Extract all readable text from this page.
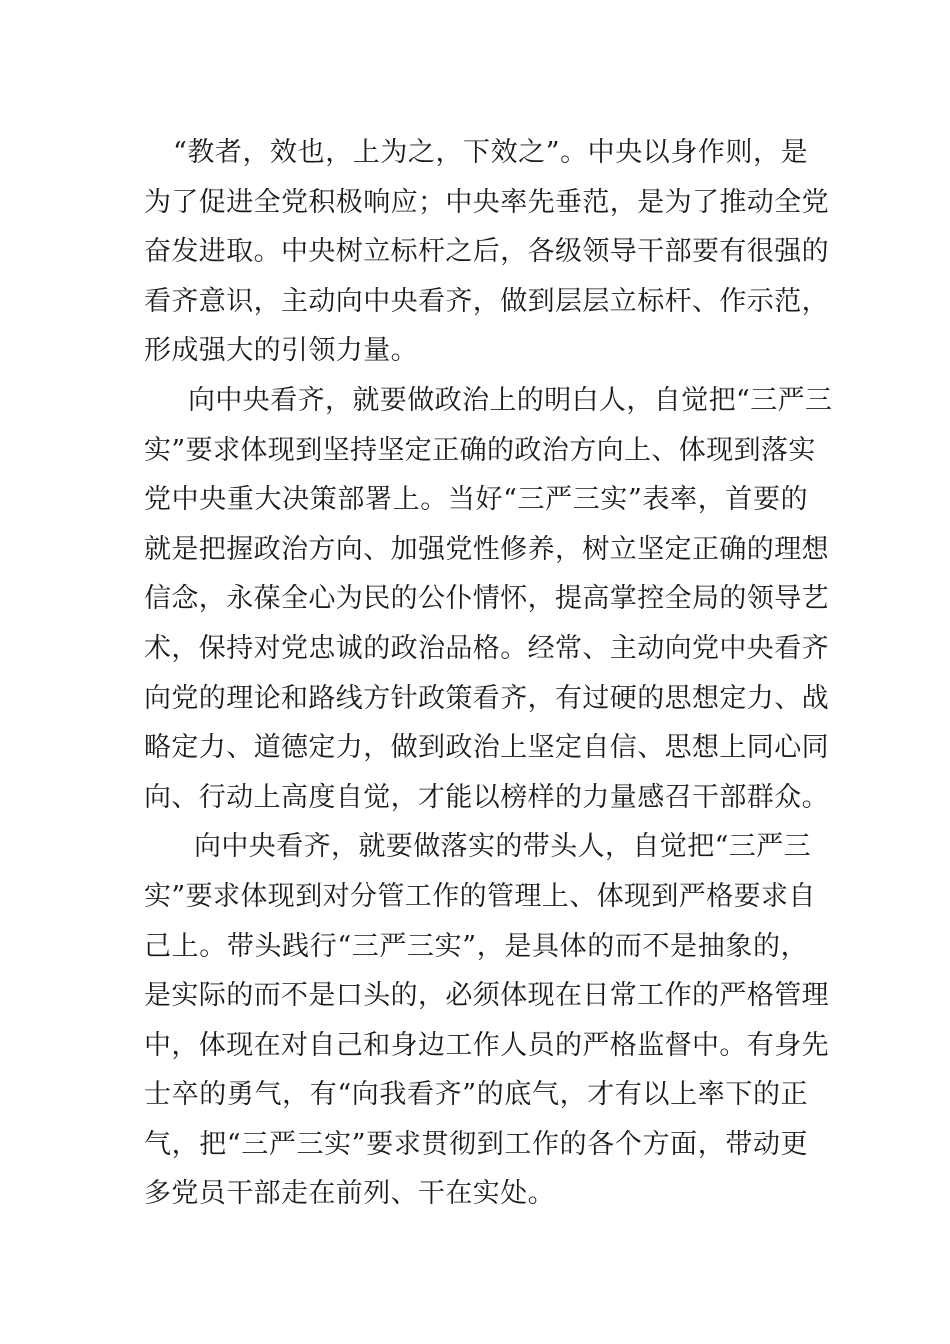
“教者，效也，上为之，下效之”。中央以身作则，是
为了促进全党积极响应；中央率先垂范，是为了推动全党
奋发进取。中央树立标杆之后，各级领导干部要有很强的
看齐意识，主动向中央看齐，做到层层立标杆、作示范，
形成强大的引领力量。
向中央看齐，就要做政治上的明白人，自觉把“三严三
实”要求体现到坚持坚定正确的政治方向上、体现到落实
党中央重大决策部署上。当好“三严三实”表率，首要的
就是把握政治方向、加强党性修养，树立坚定正确的理想
信念，永葆全心为民的公仆情怀，提高掌控全局的领导艺
术，保持对党忠诚的政治品格。经常、主动向党中央看齐
向党的理论和路线方针政策看齐，有过硬的思想定力、战
略定力、道德定力，做到政治上坚定自信、思想上同心同
向、行动上高度自觉，才能以榜样的力量感召干部群众。
向中央看齐，就要做落实的带头人，自觉把“三严三
实”要求体现到对分管工作的管理上、体现到严格要求自
己上。带头践行“三严三实”，是具体的而不是抽象的，
是实际的而不是口头的，必须体现在日常工作的严格管理
中，体现在对自己和身边工作人员的严格监督中。有身先
士卒的勇气，有“向我看齐”的底气，才有以上率下的正
气，把“三严三实”要求贯彻到工作的各个方面，带动更
多党员干部走在前列、干在实处。
